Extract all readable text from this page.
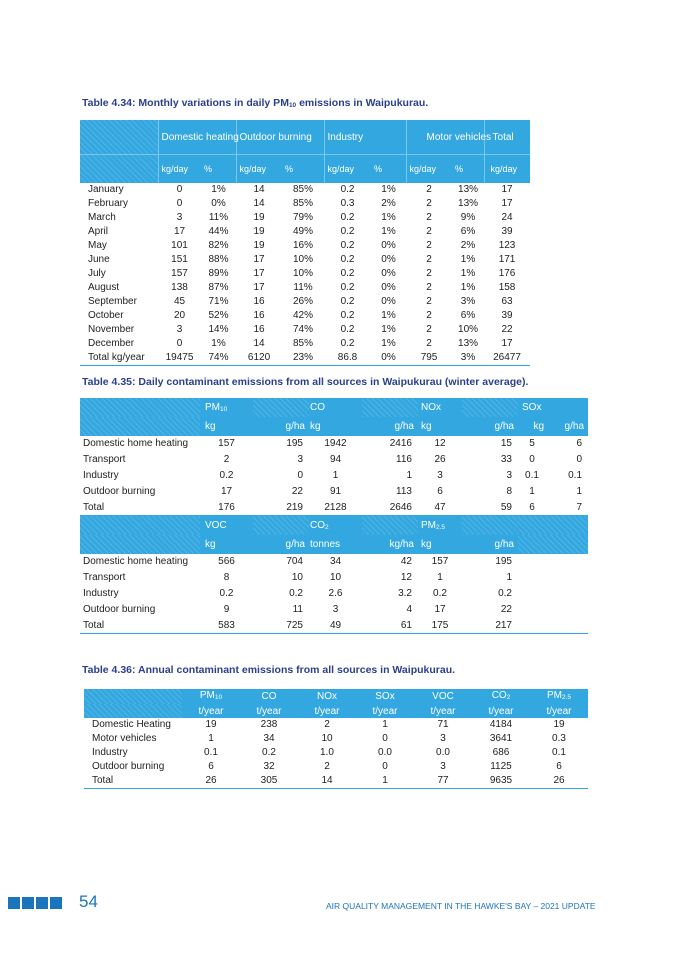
Table 4.34: Monthly variations in daily $PM_{10}$ emissions in Waipukurau.
	Domestic heating		Outdoor burning		Industry		Motor vehicles		Total
	kg/day	%	kg/day	%	kg/day	%	kg/day	%	kg/day
January	0	1%	14	85%	0.2	1%	2	13%	17
February	0	0%	14	85%	0.3	2%	2	13%	17
March	3	11%	19	79%	0.2	1%	2	9%	24
April	17	44%	19	49%	0.2	1%	2	6%	39
May	101	82%	19	16%	0.2	0%	2	2%	123
June	151	88%	17	10%	0.2	0%	2	1%	171
July	157	89%	17	10%	0.2	0%	2	1%	176
August	138	87%	17	11%	0.2	0%	2	1%	158
September	45	71%	16	26%	0.2	0%	2	3%	63
October	20	52%	16	42%	0.2	1%	2	6%	39
November	3	14%	16	74%	0.2	1%	2	10%	22
December	0	1%	14	85%	0.2	1%	2	13%	17
Total kg/year	19475	74%	6120	23%	86.8	0%	795	3%	26477
Table 4.35: Daily contaminant emissions from all sources in Waipukurau (winter average).
	$PM_{10}$		CO		NOx		SOx	
	kg	g/ha	kg	g/ha	kg	g/ha	kg	g/ha
Domestic home heating	157	195	1942	2416	12	15	5	6
Transport	2	3	94	116	26	33	0	0
Industry	0.2	0	1	1	3	3	0.1	0.1
Outdoor burning	17	22	91	113	6	8	1	1
Total	176	219	2128	2646	47	59	6	7
	VOC		$CO_2$		$PM_{2.5}$			
	kg	g/ha	tonnes	kg/ha	kg	g/ha		
Domestic home heating	566	704	34	42	157	195		
Transport	8	10	10	12	1	1		
Industry	0.2	0.2	2.6	3.2	0.2	0.2		
Outdoor burning	9	11	3	4	17	22		
Total	583	725	49	61	175	217		
Table 4.36: Annual contaminant emissions from all sources in Waipukurau.
	$PM_{10}$	CO	NOx	SOx	VOC	$CO_2$	$PM_{2.5}$
	t/year	t/year	t/year	t/year	t/year	t/year	t/year
Domestic Heating	19	238	2	1	71	4184	19
Motor vehicles	1	34	10	0	3	3641	0.3
Industry	0.1	0.2	1.0	0.0	0.0	686	0.1
Outdoor burning	6	32	2	0	3	1125	6
Total	26	305	14	1	77	9635	26
54	AIR QUALITY MANAGEMENT IN THE HAWKE'S BAY – 2021 UPDATE
